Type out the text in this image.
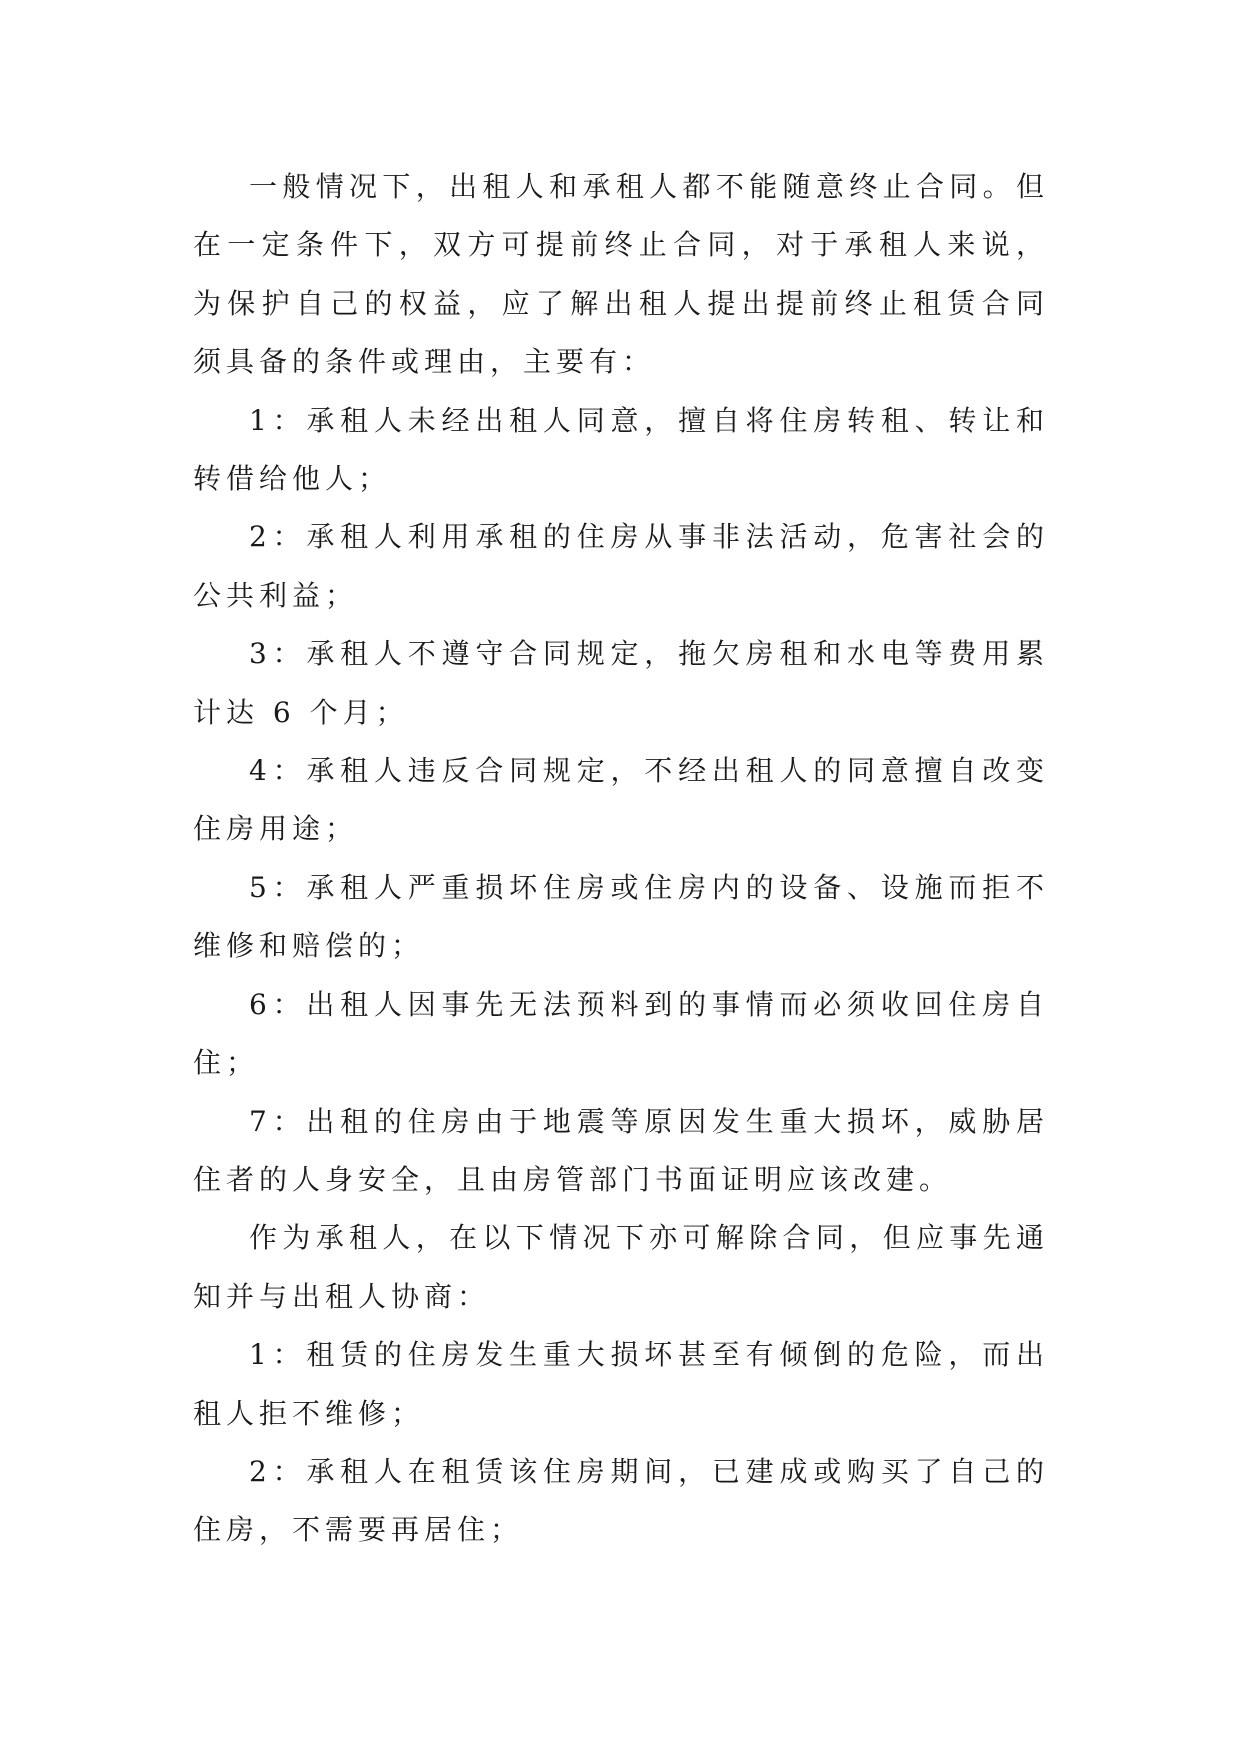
一般情况下，出租人和承租人都不能随意终止合同。但在一定条件下，双方可提前终止合同，对于承租人来说，为保护自己的权益，应了解出租人提出提前终止租赁合同须具备的条件或理由，主要有：

1：承租人未经出租人同意，擅自将住房转租、转让和转借给他人；

2：承租人利用承租的住房从事非法活动，危害社会的公共利益；

3：承租人不遵守合同规定，拖欠房租和水电等费用累计达 6 个月；

4：承租人违反合同规定，不经出租人的同意擅自改变住房用途；

5：承租人严重损坏住房或住房内的设备、设施而拒不维修和赔偿的；

6：出租人因事先无法预料到的事情而必须收回住房自住；

7：出租的住房由于地震等原因发生重大损坏，威胁居住者的人身安全，且由房管部门书面证明应该改建。

作为承租人，在以下情况下亦可解除合同，但应事先通知并与出租人协商：

1：租赁的住房发生重大损坏甚至有倾倒的危险，而出租人拒不维修；

2：承租人在租赁该住房期间，已建成或购买了自己的住房，不需要再居住；
